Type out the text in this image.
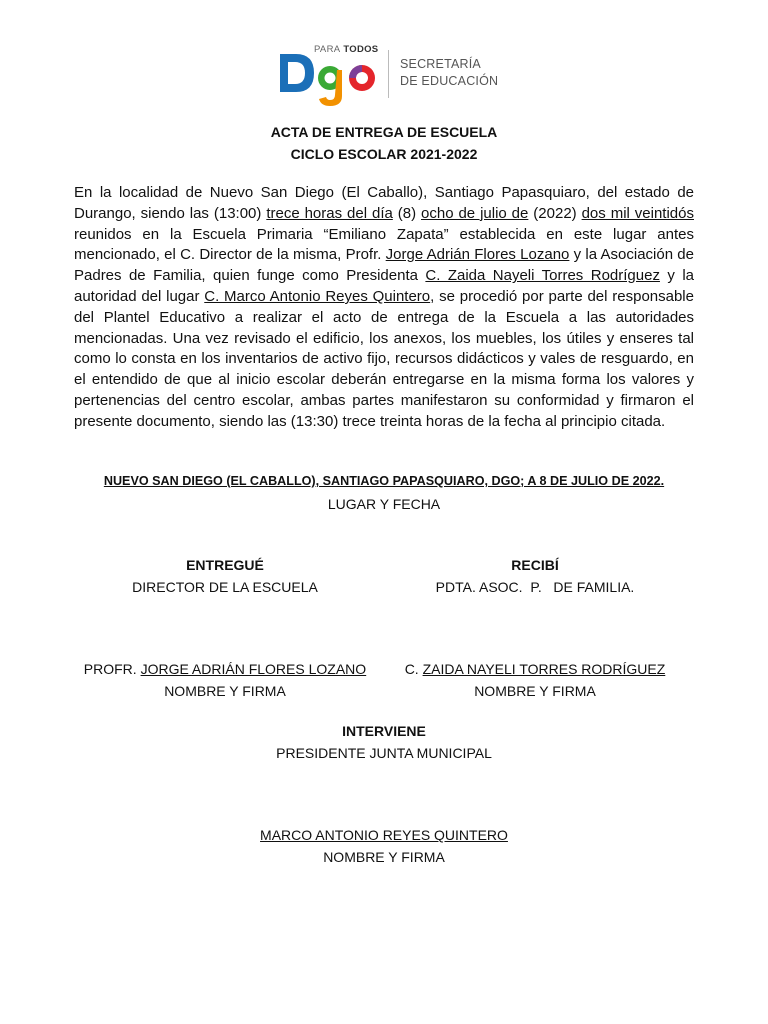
PARA TODOS
SECRETARÍA
DE EDUCACIÓN
ACTA DE ENTREGA DE ESCUELA
CICLO ESCOLAR 2021-2022
En la localidad de Nuevo San Diego (El Caballo), Santiago Papasquiaro, del estado de Durango, siendo las (13:00) trece horas del día (8) ocho de julio de (2022) dos mil veintidós reunidos en la Escuela Primaria “Emiliano Zapata” establecida en este lugar antes mencionado, el C. Director de la misma, Profr. Jorge Adrián Flores Lozano y la Asociación de Padres de Familia, quien funge como Presidenta C. Zaida Nayeli Torres Rodríguez y la autoridad del lugar C. Marco Antonio Reyes Quintero, se procedió por parte del responsable del Plantel Educativo a realizar el acto de entrega de la Escuela a las autoridades mencionadas. Una vez revisado el edificio, los anexos, los muebles, los útiles y enseres tal como lo consta en los inventarios de activo fijo, recursos didácticos y vales de resguardo, en el entendido de que al inicio escolar deberán entregarse en la misma forma los valores y pertenencias del centro escolar, ambas partes manifestaron su conformidad y firmaron el presente documento, siendo las (13:30) trece treinta horas de la fecha al principio citada.
NUEVO SAN DIEGO (EL CABALLO), SANTIAGO PAPASQUIARO, DGO; A 8 DE JULIO DE 2022.
LUGAR Y FECHA
ENTREGUÉ
DIRECTOR DE LA ESCUELA
RECIBÍ
PDTA. ASOC.  P.   DE FAMILIA.
PROFR. JORGE ADRIÁN FLORES LOZANO
NOMBRE Y FIRMA
C. ZAIDA NAYELI TORRES RODRÍGUEZ
NOMBRE Y FIRMA
INTERVIENE
PRESIDENTE JUNTA MUNICIPAL
MARCO ANTONIO REYES QUINTERO
NOMBRE Y FIRMA
